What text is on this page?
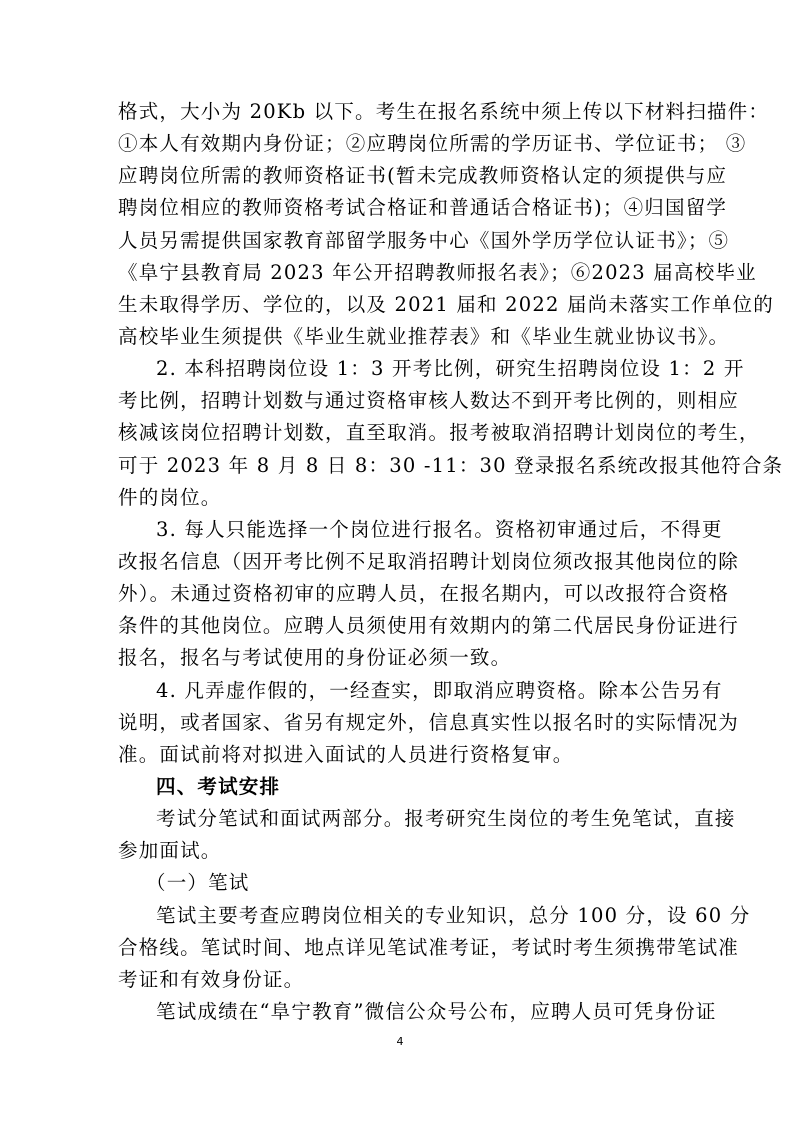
格式，大小为 20Kb 以下。考生在报名系统中须上传以下材料扫描件：
①本人有效期内身份证；②应聘岗位所需的学历证书、学位证书； ③
应聘岗位所需的教师资格证书(暂未完成教师资格认定的须提供与应
聘岗位相应的教师资格考试合格证和普通话合格证书)；④归国留学
人员另需提供国家教育部留学服务中心《国外学历学位认证书》；⑤
《阜宁县教育局 2023 年公开招聘教师报名表》；⑥2023 届高校毕业
生未取得学历、学位的，以及 2021 届和 2022 届尚未落实工作单位的
高校毕业生须提供《毕业生就业推荐表》和《毕业生就业协议书》。
2. 本科招聘岗位设 1：3 开考比例，研究生招聘岗位设 1：2 开
考比例，招聘计划数与通过资格审核人数达不到开考比例的，则相应
核减该岗位招聘计划数，直至取消。报考被取消招聘计划岗位的考生，
可于 2023 年 8 月 8 日 8：30 -11：30 登录报名系统改报其他符合条
件的岗位。
3. 每人只能选择一个岗位进行报名。资格初审通过后，不得更
改报名信息（因开考比例不足取消招聘计划岗位须改报其他岗位的除
外）。未通过资格初审的应聘人员，在报名期内，可以改报符合资格
条件的其他岗位。应聘人员须使用有效期内的第二代居民身份证进行
报名，报名与考试使用的身份证必须一致。
4. 凡弄虚作假的，一经查实，即取消应聘资格。除本公告另有
说明，或者国家、省另有规定外，信息真实性以报名时的实际情况为
准。面试前将对拟进入面试的人员进行资格复审。
四、考试安排
考试分笔试和面试两部分。报考研究生岗位的考生免笔试，直接
参加面试。
（一）笔试
笔试主要考查应聘岗位相关的专业知识，总分 100 分，设 60 分
合格线。笔试时间、地点详见笔试准考证，考试时考生须携带笔试准
考证和有效身份证。
笔试成绩在“阜宁教育”微信公众号公布，应聘人员可凭身份证
4
